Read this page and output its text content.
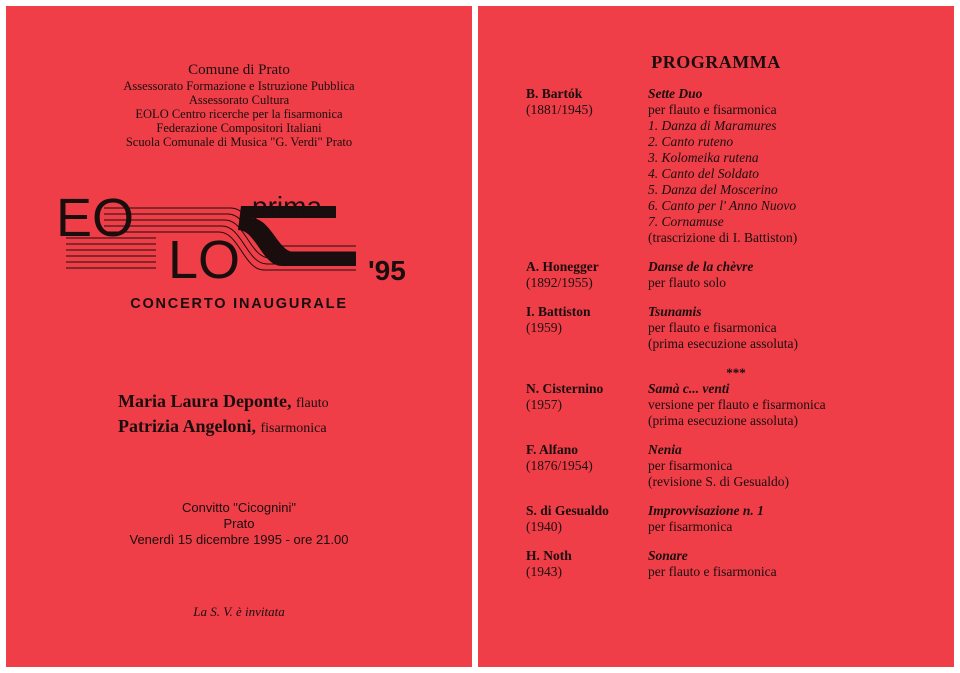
Comune di Prato
Assessorato Formazione e Istruzione Pubblica
Assessorato Cultura
EOLO Centro ricerche per la fisarmonica
Federazione Compositori Italiani
Scuola Comunale di Musica "G. Verdi" Prato
EO
LO
prima
'95
CONCERTO INAUGURALE
Maria Laura Deponte, flauto
Patrizia Angeloni, fisarmonica
Convitto "Cicognini"
Prato
Venerdì 15 dicembre 1995 - ore 21.00
La S. V. è invitata
PROGRAMMA
B. Bartók
(1881/1945)
Sette Duo
per flauto e fisarmonica
1. Danza di Maramures
2. Canto ruteno
3. Kolomeika rutena
4. Canto del Soldato
5. Danza del Moscerino
6. Canto per l' Anno Nuovo
7. Cornamuse
(trascrizione di I. Battiston)
A. Honegger
(1892/1955)
Danse de la chèvre
per flauto solo
I. Battiston
(1959)
Tsunamis
per flauto e fisarmonica
(prima esecuzione assoluta)
***
N. Cisternino
(1957)
Samà c... venti
versione per flauto e fisarmonica
(prima esecuzione assoluta)
F. Alfano
(1876/1954)
Nenia
per fisarmonica
(revisione S. di Gesualdo)
S. di Gesualdo
(1940)
Improvvisazione n. 1
per fisarmonica
H. Noth
(1943)
Sonare
per flauto e fisarmonica
